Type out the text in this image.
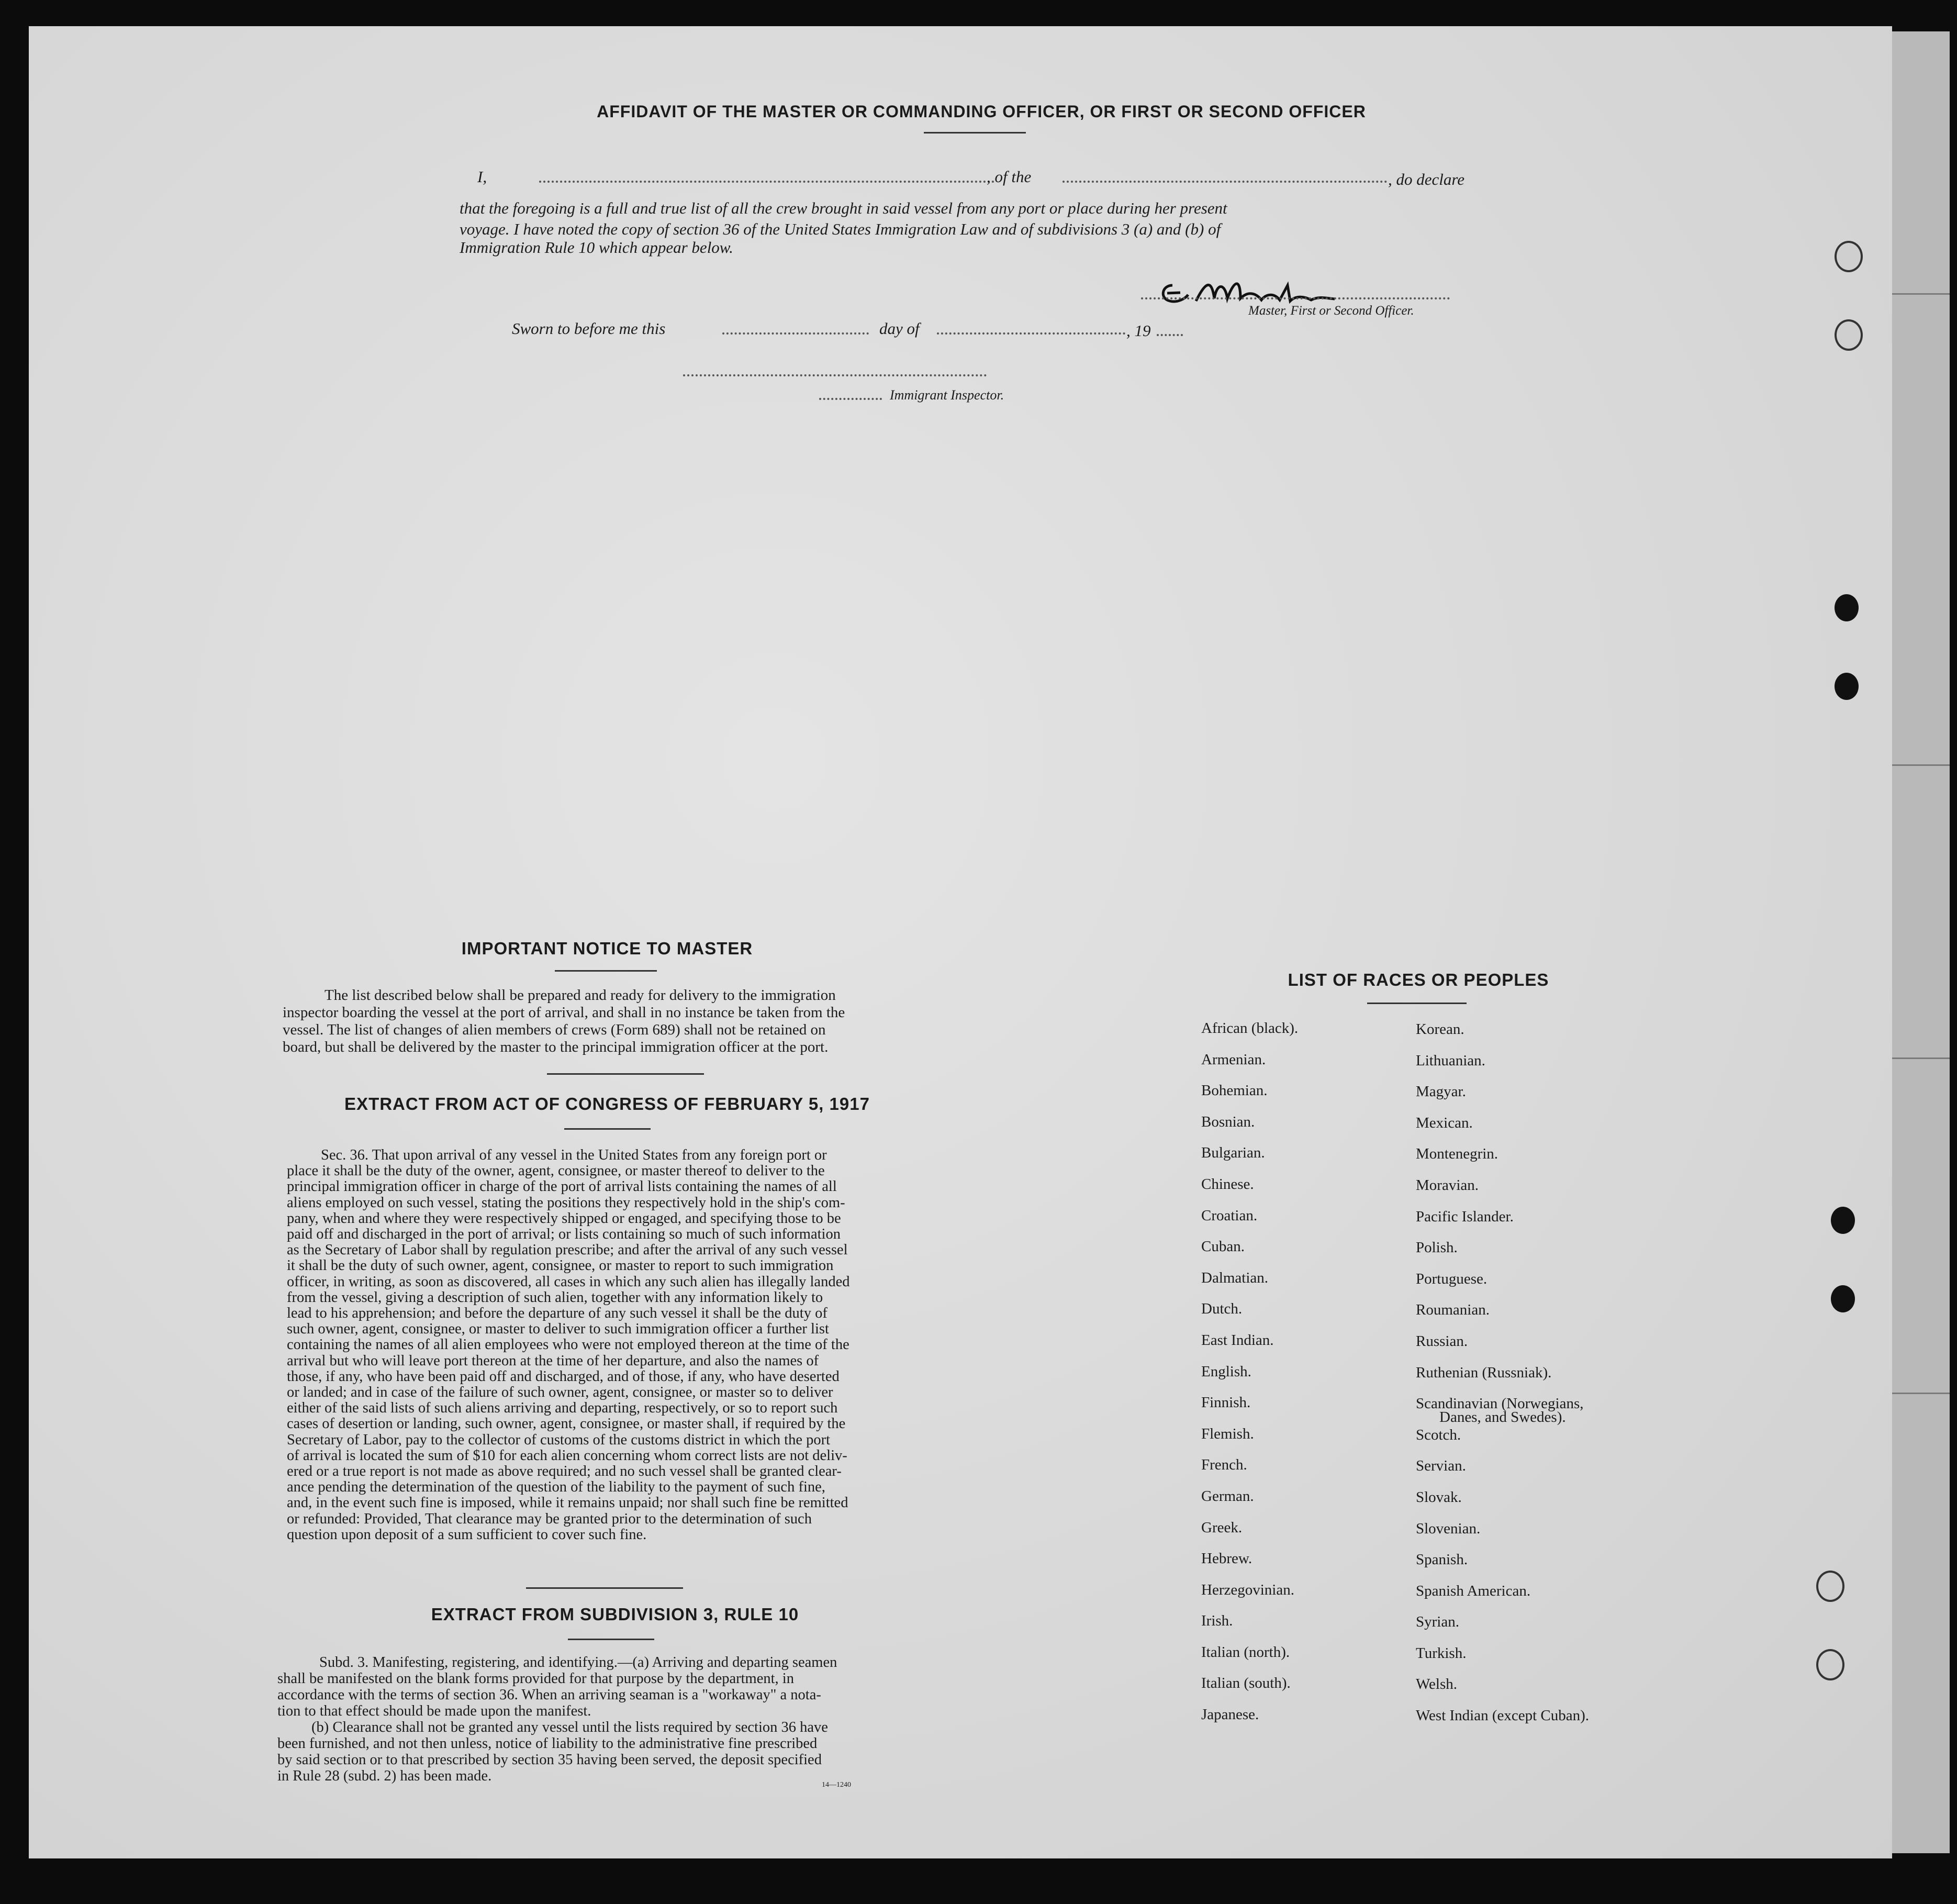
AFFIDAVIT OF THE MASTER OR COMMANDING OFFICER, OR FIRST OR SECOND OFFICER
I,	, of the	, do declare
that the foregoing is a full and true list of all the crew brought in said vessel from any port or place during her present
voyage. I have noted the copy of section 36 of the United States Immigration Law and of subdivisions 3 (a) and (b) of
Immigration Rule 10 which appear below.
Master, First or Second Officer.
Sworn to before me this	day of	, 19
Immigrant Inspector.
IMPORTANT NOTICE TO MASTER
The list described below shall be prepared and ready for delivery to the immigration
inspector boarding the vessel at the port of arrival, and shall in no instance be taken from the
vessel. The list of changes of alien members of crews (Form 689) shall not be retained on
board, but shall be delivered by the master to the principal immigration officer at the port.
EXTRACT FROM ACT OF CONGRESS OF FEBRUARY 5, 1917
Sec. 36. That upon arrival of any vessel in the United States from any foreign port or
place it shall be the duty of the owner, agent, consignee, or master thereof to deliver to the
principal immigration officer in charge of the port of arrival lists containing the names of all
aliens employed on such vessel, stating the positions they respectively hold in the ship's com-
pany, when and where they were respectively shipped or engaged, and specifying those to be
paid off and discharged in the port of arrival; or lists containing so much of such information
as the Secretary of Labor shall by regulation prescribe; and after the arrival of any such vessel
it shall be the duty of such owner, agent, consignee, or master to report to such immigration
officer, in writing, as soon as discovered, all cases in which any such alien has illegally landed
from the vessel, giving a description of such alien, together with any information likely to
lead to his apprehension; and before the departure of any such vessel it shall be the duty of
such owner, agent, consignee, or master to deliver to such immigration officer a further list
containing the names of all alien employees who were not employed thereon at the time of the
arrival but who will leave port thereon at the time of her departure, and also the names of
those, if any, who have been paid off and discharged, and of those, if any, who have deserted
or landed; and in case of the failure of such owner, agent, consignee, or master so to deliver
either of the said lists of such aliens arriving and departing, respectively, or so to report such
cases of desertion or landing, such owner, agent, consignee, or master shall, if required by the
Secretary of Labor, pay to the collector of customs of the customs district in which the port
of arrival is located the sum of $10 for each alien concerning whom correct lists are not deliv-
ered or a true report is not made as above required; and no such vessel shall be granted clear-
ance pending the determination of the question of the liability to the payment of such fine,
and, in the event such fine is imposed, while it remains unpaid; nor shall such fine be remitted
or refunded: Provided, That clearance may be granted prior to the determination of such
question upon deposit of a sum sufficient to cover such fine.
EXTRACT FROM SUBDIVISION 3, RULE 10
Subd. 3. Manifesting, registering, and identifying.—(a) Arriving and departing seamen
shall be manifested on the blank forms provided for that purpose by the department, in
accordance with the terms of section 36. When an arriving seaman is a "workaway" a nota-
tion to that effect should be made upon the manifest.
(b) Clearance shall not be granted any vessel until the lists required by section 36 have
been furnished, and not then unless, notice of liability to the administrative fine prescribed
by said section or to that prescribed by section 35 having been served, the deposit specified
in Rule 28 (subd. 2) has been made.
14—1240
LIST OF RACES OR PEOPLES
African (black).
Armenian.
Bohemian.
Bosnian.
Bulgarian.
Chinese.
Croatian.
Cuban.
Dalmatian.
Dutch.
East Indian.
English.
Finnish.
Flemish.
French.
German.
Greek.
Hebrew.
Herzegovinian.
Irish.
Italian (north).
Italian (south).
Japanese.
Korean.
Lithuanian.
Magyar.
Mexican.
Montenegrin.
Moravian.
Pacific Islander.
Polish.
Portuguese.
Roumanian.
Russian.
Ruthenian (Russniak).
Scandinavian (Norwegians,
Danes, and Swedes).
Scotch.
Servian.
Slovak.
Slovenian.
Spanish.
Spanish American.
Syrian.
Turkish.
Welsh.
West Indian (except Cuban).
